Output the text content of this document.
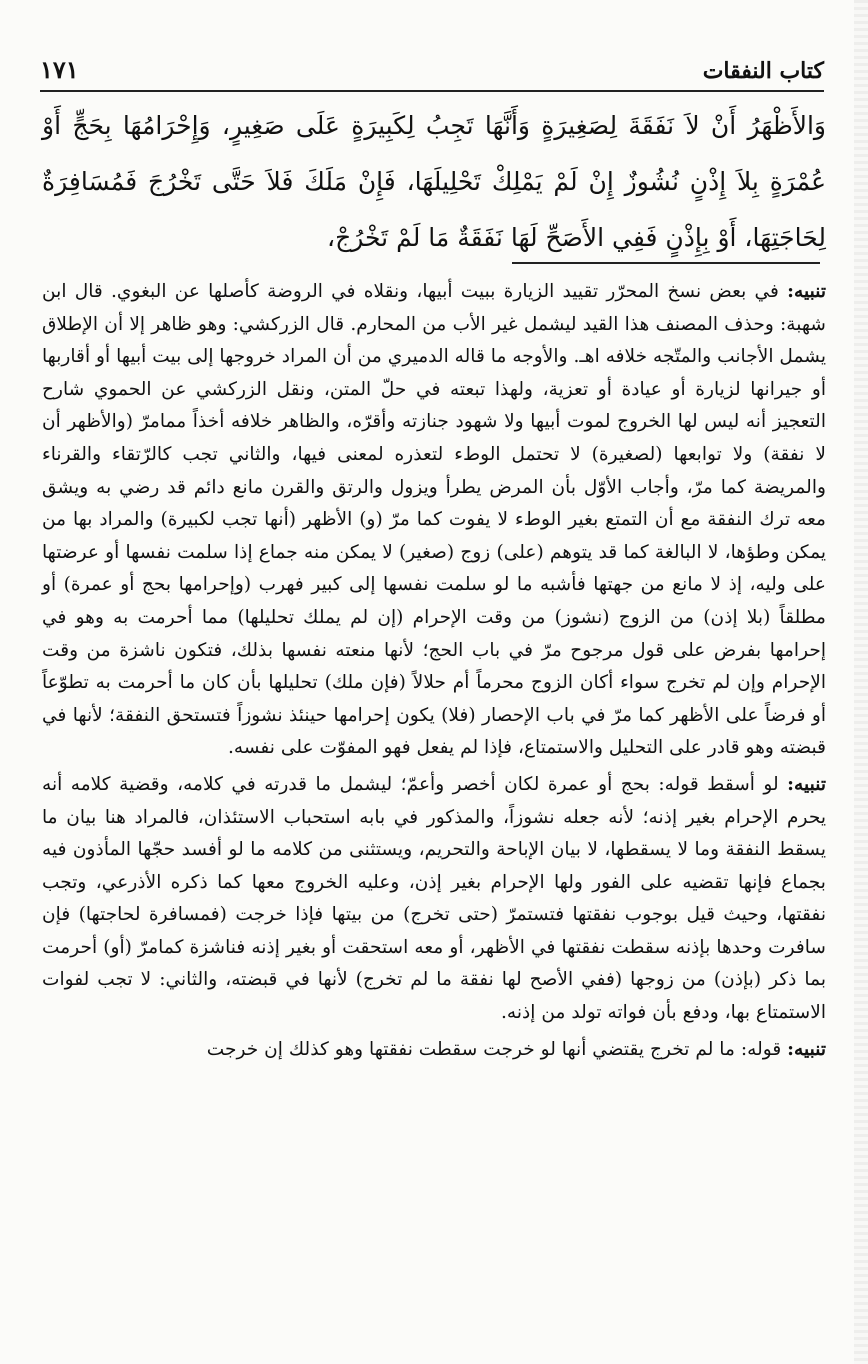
كتاب النفقات
١٧١
وَالأَظْهَرُ أَنْ لاَ نَفَقَةَ لِصَغِيرَةٍ وَأَنَّهَا تَجِبُ لِكَبِيرَةٍ عَلَى صَغِيرٍ، وَإِحْرَامُهَا بِحَجٍّ أَوْ عُمْرَةٍ بِلاَ إِذْنٍ نُشُوزٌ إِنْ لَمْ يَمْلِكْ تَحْلِيلَهَا، فَإِنْ مَلَكَ فَلاَ حَتَّى تَخْرُجَ فَمُسَافِرَةٌ لِحَاجَتِهَا، أَوْ بِإِذْنٍ فَفِي الأَصَحِّ لَهَا نَفَقَةٌ مَا لَمْ تَخْرُجْ،

تنبيه: في بعض نسخ المحرّر تقييد الزيارة ببيت أبيها، ونقلاه في الروضة كأصلها عن البغوي. قال ابن شهبة: وحذف المصنف هذا القيد ليشمل غير الأب من المحارم. قال الزركشي: وهو ظاهر إلا أن الإطلاق يشمل الأجانب والمتّجه خلافه اهـ. والأوجه ما قاله الدميري من أن المراد خروجها إلى بيت أبيها أو أقاربها أو جيرانها لزيارة أو عيادة أو تعزية، ولهذا تبعته في حلّ المتن، ونقل الزركشي عن الحموي شارح التعجيز أنه ليس لها الخروج لموت أبيها ولا شهود جنازته وأقرّه، والظاهر خلافه أخذاً ممامرّ (والأظهر أن لا نفقة) ولا توابعها (لصغيرة) لا تحتمل الوطء لتعذره لمعنى فيها، والثاني تجب كالرّتقاء والقرناء والمريضة كما مرّ، وأجاب الأوّل بأن المرض يطرأ ويزول والرتق والقرن مانع دائم قد رضي به ويشق معه ترك النفقة مع أن التمتع بغير الوطء لا يفوت كما مرّ (و) الأظهر (أنها تجب لكبيرة) والمراد بها من يمكن وطؤها، لا البالغة كما قد يتوهم (على) زوج (صغير) لا يمكن منه جماع إذا سلمت نفسها أو عرضتها على وليه، إذ لا مانع من جهتها فأشبه ما لو سلمت نفسها إلى كبير فهرب (وإحرامها بحج أو عمرة) أو مطلقاً (بلا إذن) من الزوج (نشوز) من وقت الإحرام (إن لم يملك تحليلها) مما أحرمت به وهو في إحرامها بفرض على قول مرجوح مرّ في باب الحج؛ لأنها منعته نفسها بذلك، فتكون ناشزة من وقت الإحرام وإن لم تخرج سواء أكان الزوج محرماً أم حلالاً (فإن ملك) تحليلها بأن كان ما أحرمت به تطوّعاً أو فرضاً على الأظهر كما مرّ في باب الإحصار (فلا) يكون إحرامها حينئذ نشوزاً فتستحق النفقة؛ لأنها في قبضته وهو قادر على التحليل والاستمتاع، فإذا لم يفعل فهو المفوّت على نفسه.

تنبيه: لو أسقط قوله: بحج أو عمرة لكان أخصر وأعمّ؛ ليشمل ما قدرته في كلامه، وقضية كلامه أنه يحرم الإحرام بغير إذنه؛ لأنه جعله نشوزاً، والمذكور في بابه استحباب الاستئذان، فالمراد هنا بيان ما يسقط النفقة وما لا يسقطها، لا بيان الإباحة والتحريم، ويستثنى من كلامه ما لو أفسد حجّها المأذون فيه بجماع فإنها تقضيه على الفور ولها الإحرام بغير إذن، وعليه الخروج معها كما ذكره الأذرعي، وتجب نفقتها، وحيث قيل بوجوب نفقتها فتستمرّ (حتى تخرج) من بيتها فإذا خرجت (فمسافرة لحاجتها) فإن سافرت وحدها بإذنه سقطت نفقتها في الأظهر، أو معه استحقت أو بغير إذنه فناشزة كمامرّ (أو) أحرمت بما ذكر (بإذن) من زوجها (ففي الأصح لها نفقة ما لم تخرج) لأنها في قبضته، والثاني: لا تجب لفوات الاستمتاع بها، ودفع بأن فواته تولد من إذنه.

تنبيه: قوله: ما لم تخرج يقتضي أنها لو خرجت سقطت نفقتها وهو كذلك إن خرجت
